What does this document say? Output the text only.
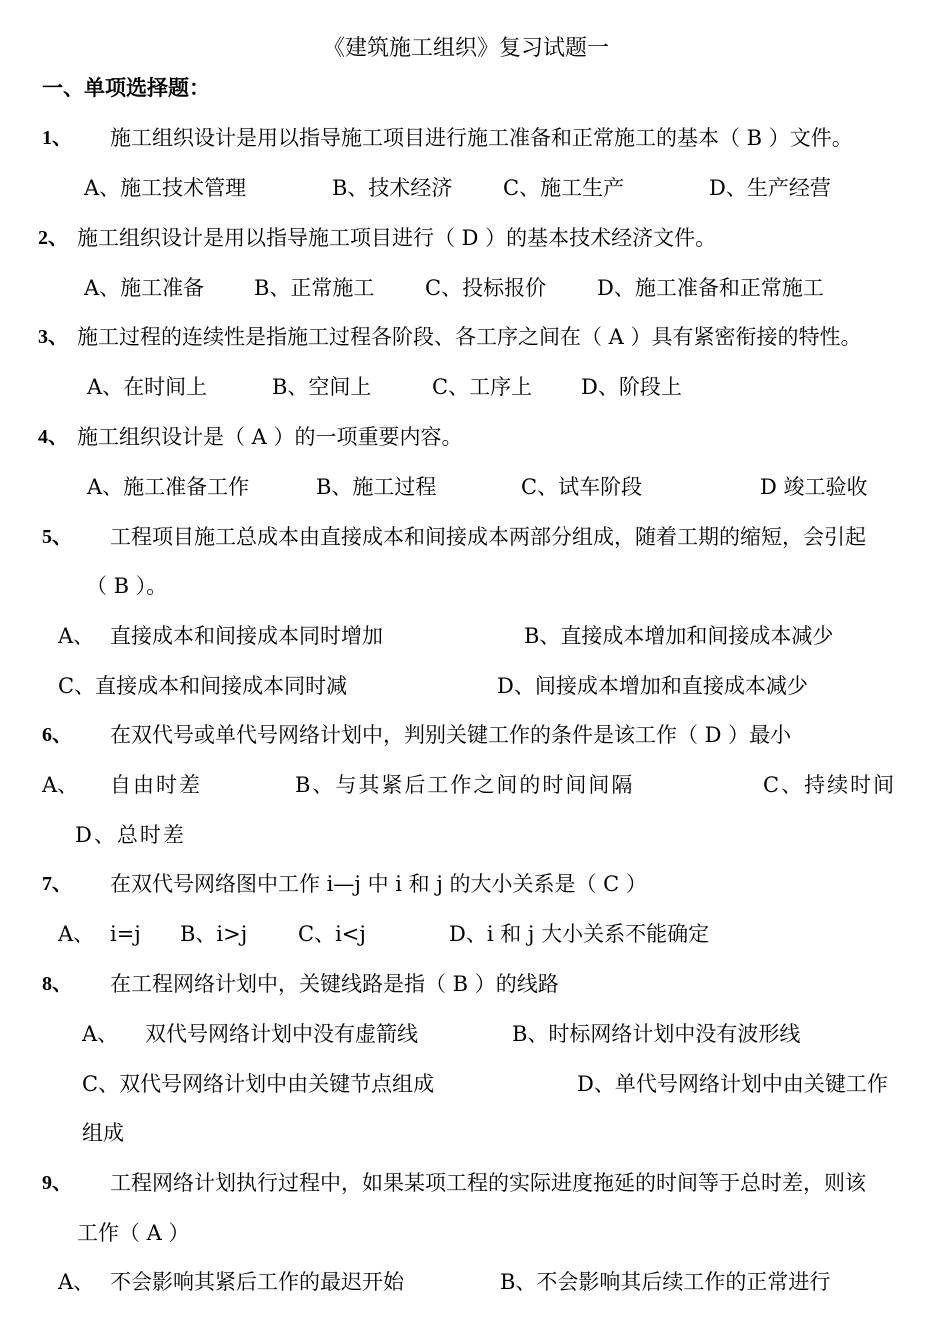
《建筑施工组织》复习试题一
一、单项选择题：
1、 施工组织设计是用以指导施工项目进行施工准备和正常施工的基本（ B ）文件。
A、施工技术管理	B、技术经济 C、施工生产	D、生产经营
2、 施工组织设计是用以指导施工项目进行（ D ）的基本技术经济文件。
A、施工准备 B、正常施工 C、投标报价 D、施工准备和正常施工
3、 施工过程的连续性是指施工过程各阶段、各工序之间在（ A ）具有紧密衔接的特性。
A、在时间上	B、空间上	C、工序上 D、阶段上
4、 施工组织设计是（ A ）的一项重要内容。
A、施工准备工作	B、施工过程	C、试车阶段	D 竣工验收
5、 工程项目施工总成本由直接成本和间接成本两部分组成，随着工期的缩短，会引起
（ B ）。
A、 直接成本和间接成本同时增加	B、直接成本增加和间接成本减少
C、直接成本和间接成本同时减	D、间接成本增加和直接成本减少
6、 在双代号或单代号网络计划中，判别关键工作的条件是该工作（ D ）最小
A、 自由时差	B、与其紧后工作之间的时间间隔	C、持续时间
D、总时差
7、 在双代号网络图中工作 i—j 中 i 和 j 的大小关系是（ C ）
A、 i=j B、i>j C、i<j	D、i 和 j 大小关系不能确定
8、 在工程网络计划中，关键线路是指（ B ）的线路
A、 双代号网络计划中没有虚箭线	B、时标网络计划中没有波形线
C、双代号网络计划中由关键节点组成	D、单代号网络计划中由关键工作
组成
9、 工程网络计划执行过程中，如果某项工程的实际进度拖延的时间等于总时差，则该
工作（ A ）
A、 不会影响其紧后工作的最迟开始	B、不会影响其后续工作的正常进行
